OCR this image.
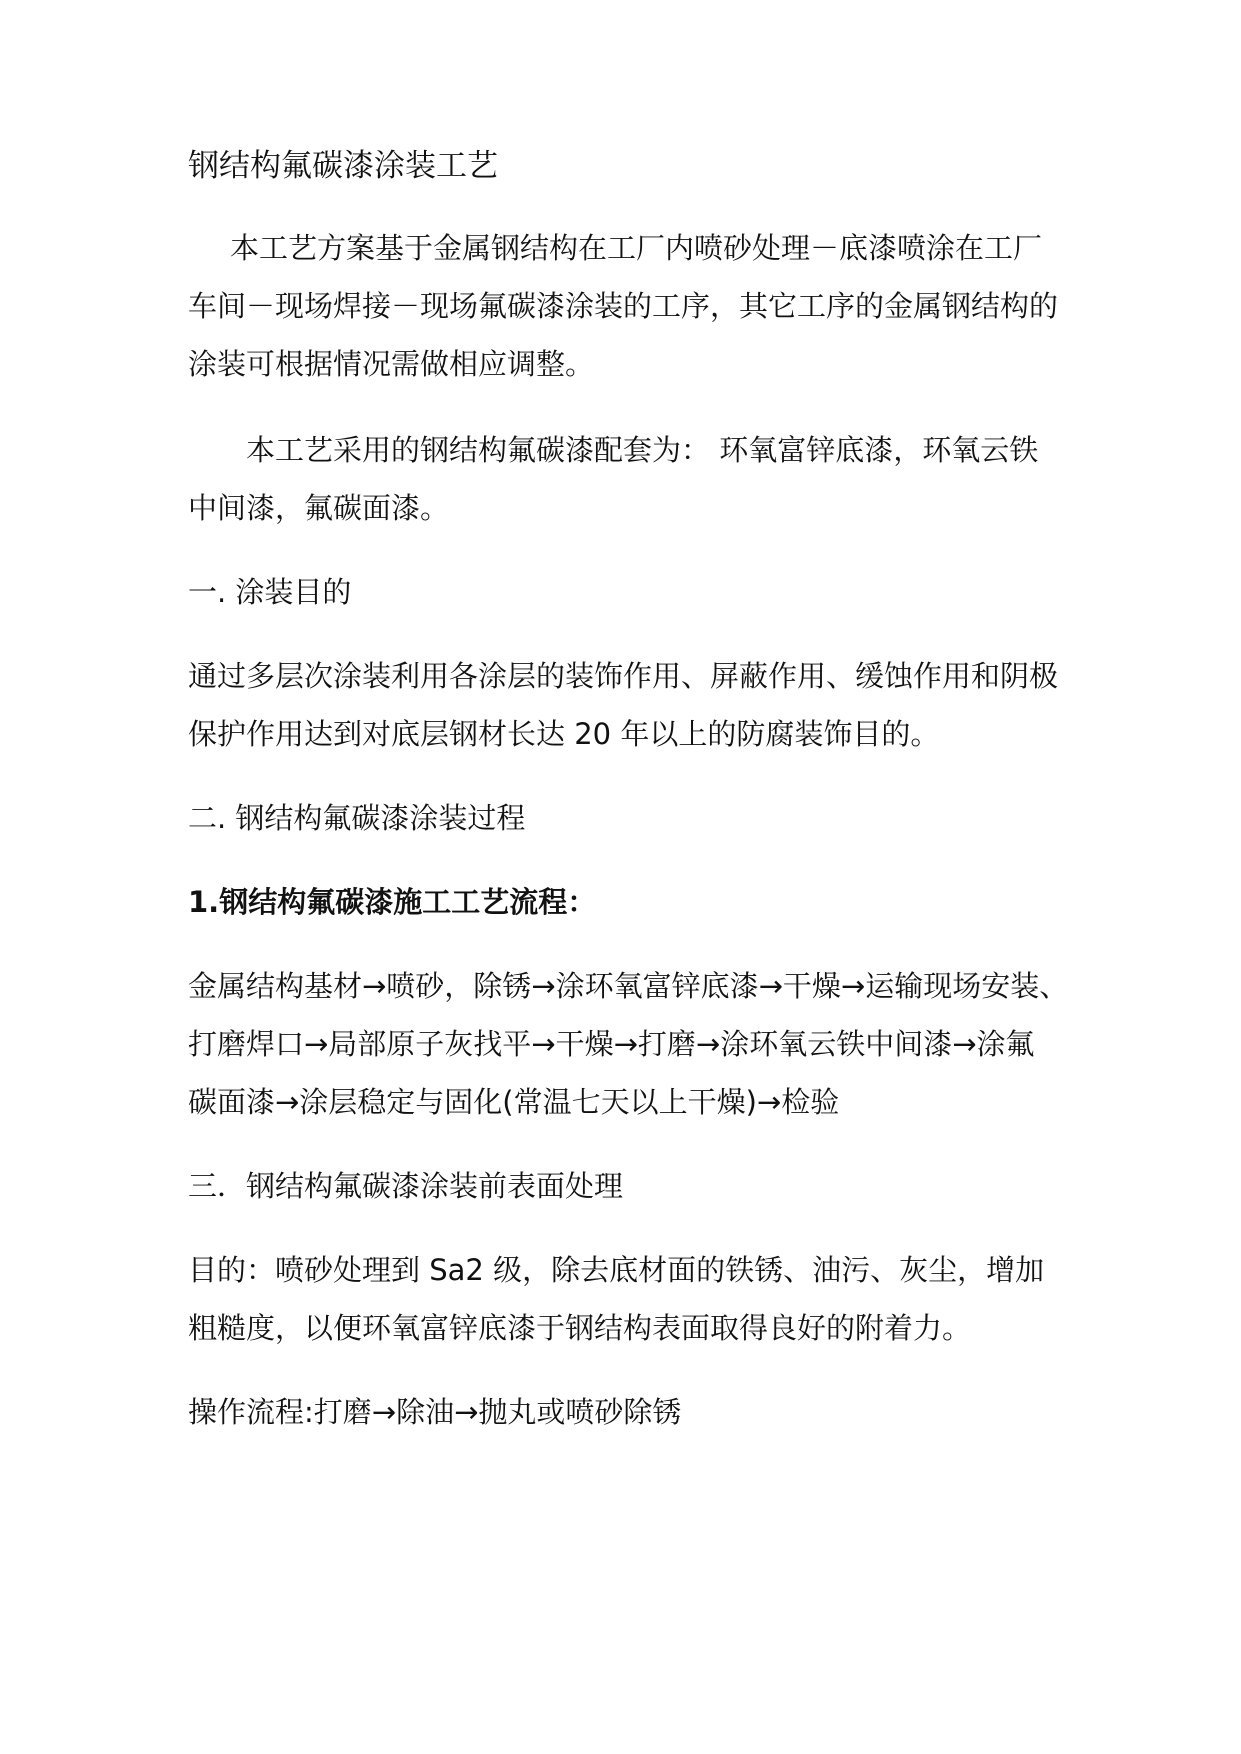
钢结构氟碳漆涂装工艺

本工艺方案基于金属钢结构在工厂内喷砂处理－底漆喷涂在工厂

车间－现场焊接－现场氟碳漆涂装的工序，其它工序的金属钢结构的

涂装可根据情况需做相应调整。

本工艺采用的钢结构氟碳漆配套为： 环氧富锌底漆，环氧云铁

中间漆，氟碳面漆。

一. 涂装目的

通过多层次涂装利用各涂层的装饰作用、屏蔽作用、缓蚀作用和阴极

保护作用达到对底层钢材长达 20 年以上的防腐装饰目的。

二. 钢结构氟碳漆涂装过程

1.钢结构氟碳漆施工工艺流程：

金属结构基材→喷砂，除锈→涂环氧富锌底漆→干燥→运输现场安装、

打磨焊口→局部原子灰找平→干燥→打磨→涂环氧云铁中间漆→涂氟

碳面漆→涂层稳定与固化(常温七天以上干燥)→检验

三．钢结构氟碳漆涂装前表面处理

目的：喷砂处理到 Sa2 级，除去底材面的铁锈、油污、灰尘，增加

粗糙度，以便环氧富锌底漆于钢结构表面取得良好的附着力。

操作流程:打磨→除油→抛丸或喷砂除锈
